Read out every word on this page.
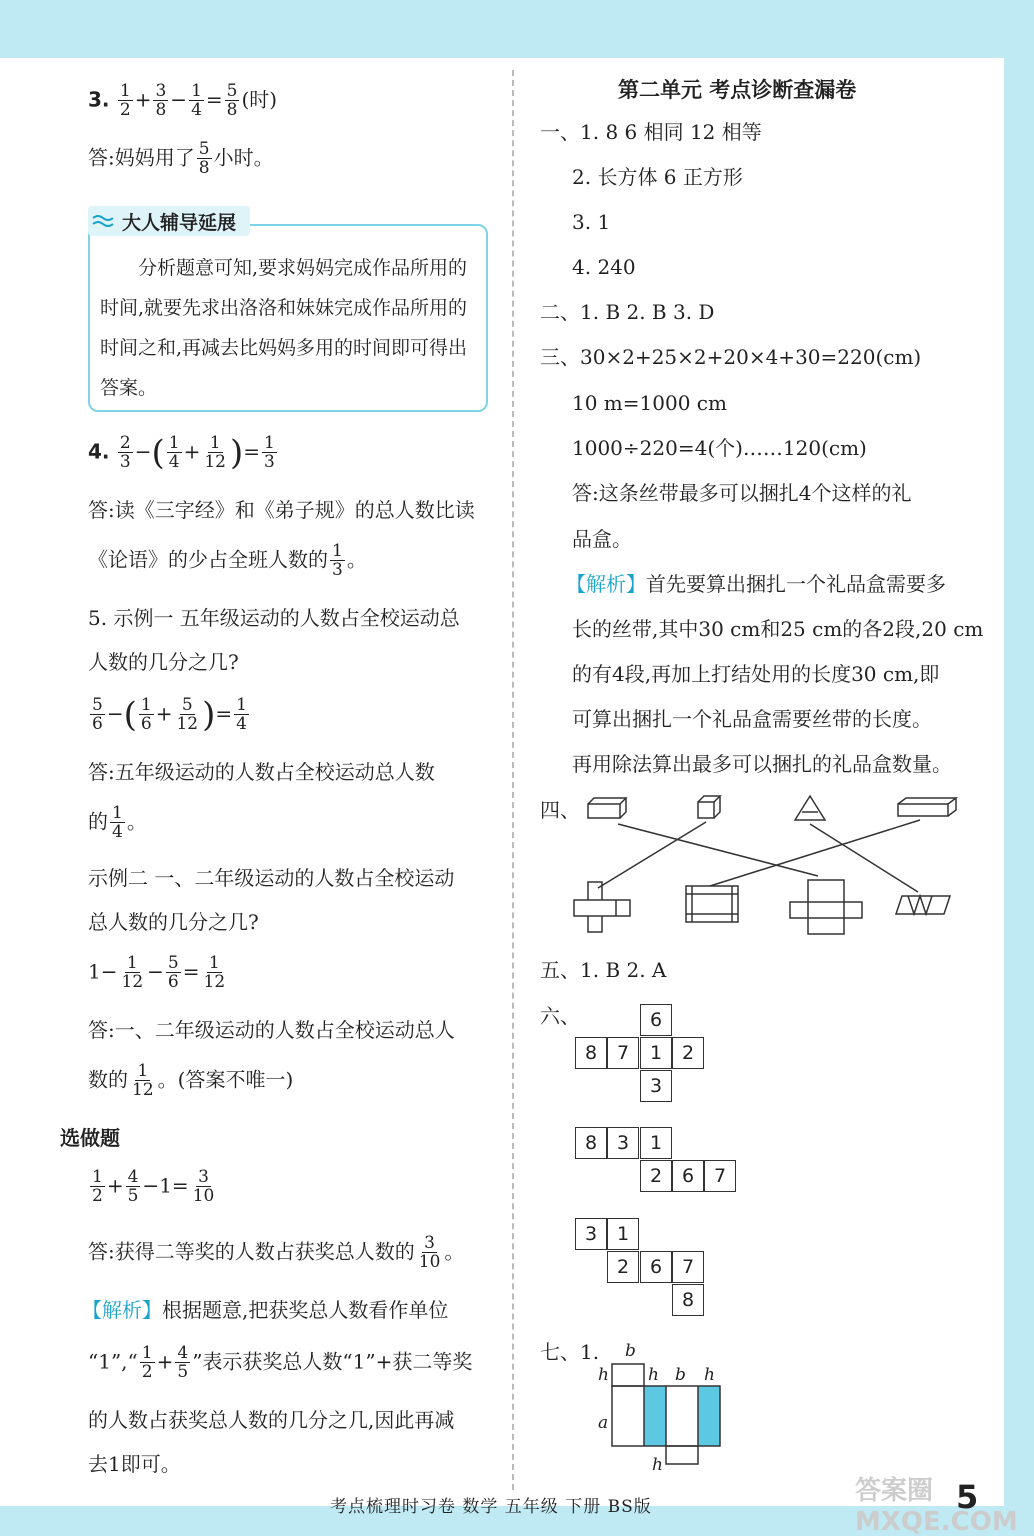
3. $\frac{1}{2} + \frac{3}{8} - \frac{1}{4} = \frac{5}{8}$ (时)
答:妈妈用了 $\frac{5}{8}$ 小时。
大人辅导延展
分析题意可知,要求妈妈完成作品所用的时间,就要先求出洛洛和妹妹完成作品所用的时间之和,再减去比妈妈多用的时间即可得出答案。
4. $\frac{2}{3}$ −( $\frac{1}{4} + \frac{1}{12}$ )= $\frac{1}{3}$
答:读《三字经》和《弟子规》的总人数比读
《论语》的少占全班人数的 $\frac{1}{3}$ 。
5. 示例一 五年级运动的人数占全校运动总
人数的几分之几?
$\frac{5}{6}$ −( $\frac{1}{6} + \frac{5}{12}$ )= $\frac{1}{4}$
答:五年级运动的人数占全校运动总人数
的 $\frac{1}{4}$ 。
示例二 一、二年级运动的人数占全校运动
总人数的几分之几?
$1- \frac{1}{12} - \frac{5}{6} = \frac{1}{12}$
答:一、二年级运动的人数占全校运动总人
数的 $\frac{1}{12}$ 。(答案不唯一)
选做题
$\frac{1}{2} + \frac{4}{5} -1= \frac{3}{10}$
答:获得二等奖的人数占获奖总人数的 $\frac{3}{10}$ 。
【解析】根据题意,把获奖总人数看作单位
“1”,“ $\frac{1}{2} + \frac{4}{5}$ ”表示获奖总人数“1”+获二等奖
的人数占获奖总人数的几分之几,因此再减
去1即可。
第二单元 考点诊断查漏卷
一、1. 8 6 相同 12 相等
2. 长方体 6 正方形
3. 1
4. 240
二、1. B 2. B 3. D
三、30×2+25×2+20×4+30=220(cm)
10 m=1000 cm
1000÷220=4(个)……120(cm)
答:这条丝带最多可以捆扎4个这样的礼
品盒。
【解析】首先要算出捆扎一个礼品盒需要多
长的丝带,其中30 cm和25 cm的各2段,20 cm
的有4段,再加上打结处用的长度30 cm,即
可算出捆扎一个礼品盒需要丝带的长度。
再用除法算出最多可以捆扎的礼品盒数量。
四、
五、1. B 2. A
六、	6
8	7	1	2
3
8	3	1
2	6	7
3	1
2	6	7
8
七、1. b
h h b h
a
h
考点梳理时习卷 数学 五年级 下册 BS版
答案圈 MXQE.COM
5
